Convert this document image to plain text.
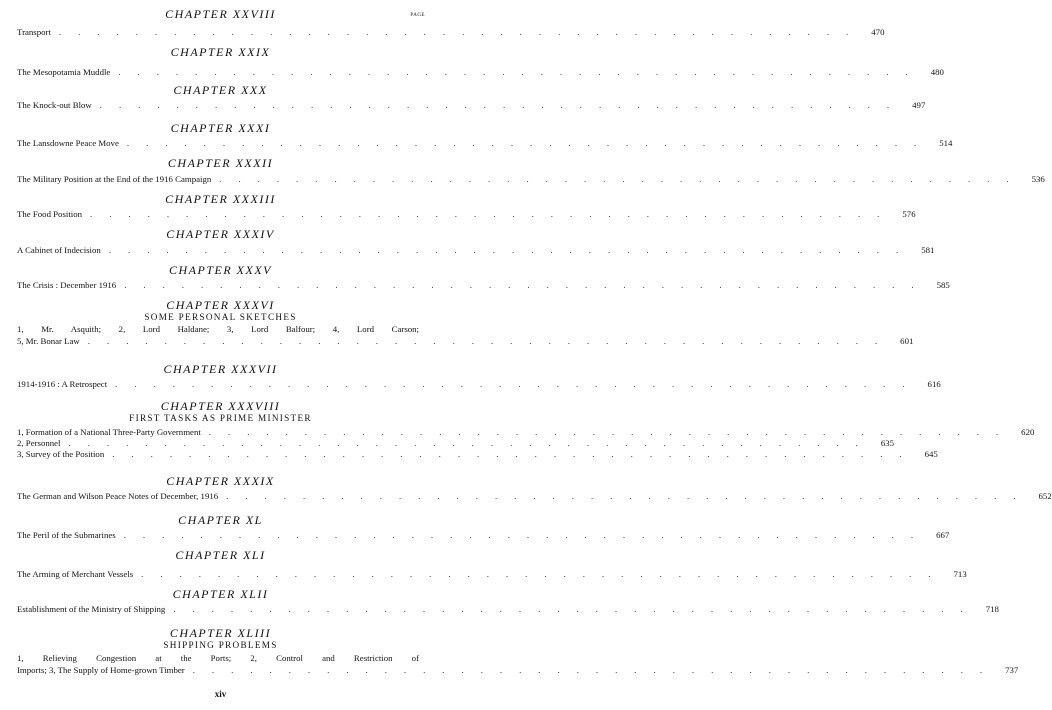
PAGE
CHAPTER XXVIII
Transport .......................................... 470
CHAPTER XXIX
The Mesopotamia Muddle .......................................... 480
CHAPTER XXX
The Knock-out Blow .......................................... 497
CHAPTER XXXI
The Lansdowne Peace Move .......................................... 514
CHAPTER XXXII
The Military Position at the End of the 1916 Campaign .......................................... 536
CHAPTER XXXIII
The Food Position .......................................... 576
CHAPTER XXXIV
A Cabinet of Indecision .......................................... 581
CHAPTER XXXV
The Crisis : December 1916 .......................................... 585
CHAPTER XXXVI
SOME PERSONAL SKETCHES
1, Mr. Asquith; 2, Lord Haldane; 3, Lord Balfour; 4, Lord Carson;
5, Mr. Bonar Law .......................................... 601
CHAPTER XXXVII
1914-1916 : A Retrospect .......................................... 616
CHAPTER XXXVIII
FIRST TASKS AS PRIME MINISTER
1, Formation of a National Three-Party Government .......................................... 620
2, Personnel .......................................... 635
3, Survey of the Position .......................................... 645
CHAPTER XXXIX
The German and Wilson Peace Notes of December, 1916 .......................................... 652
CHAPTER XL
The Peril of the Submarines .......................................... 667
CHAPTER XLI
The Arming of Merchant Vessels .......................................... 713
CHAPTER XLII
Establishment of the Ministry of Shipping .......................................... 718
CHAPTER XLIII
SHIPPING PROBLEMS
1, Relieving Congestion at the Ports; 2, Control and Restriction of
Imports; 3, The Supply of Home-grown Timber .......................................... 737
xiv
